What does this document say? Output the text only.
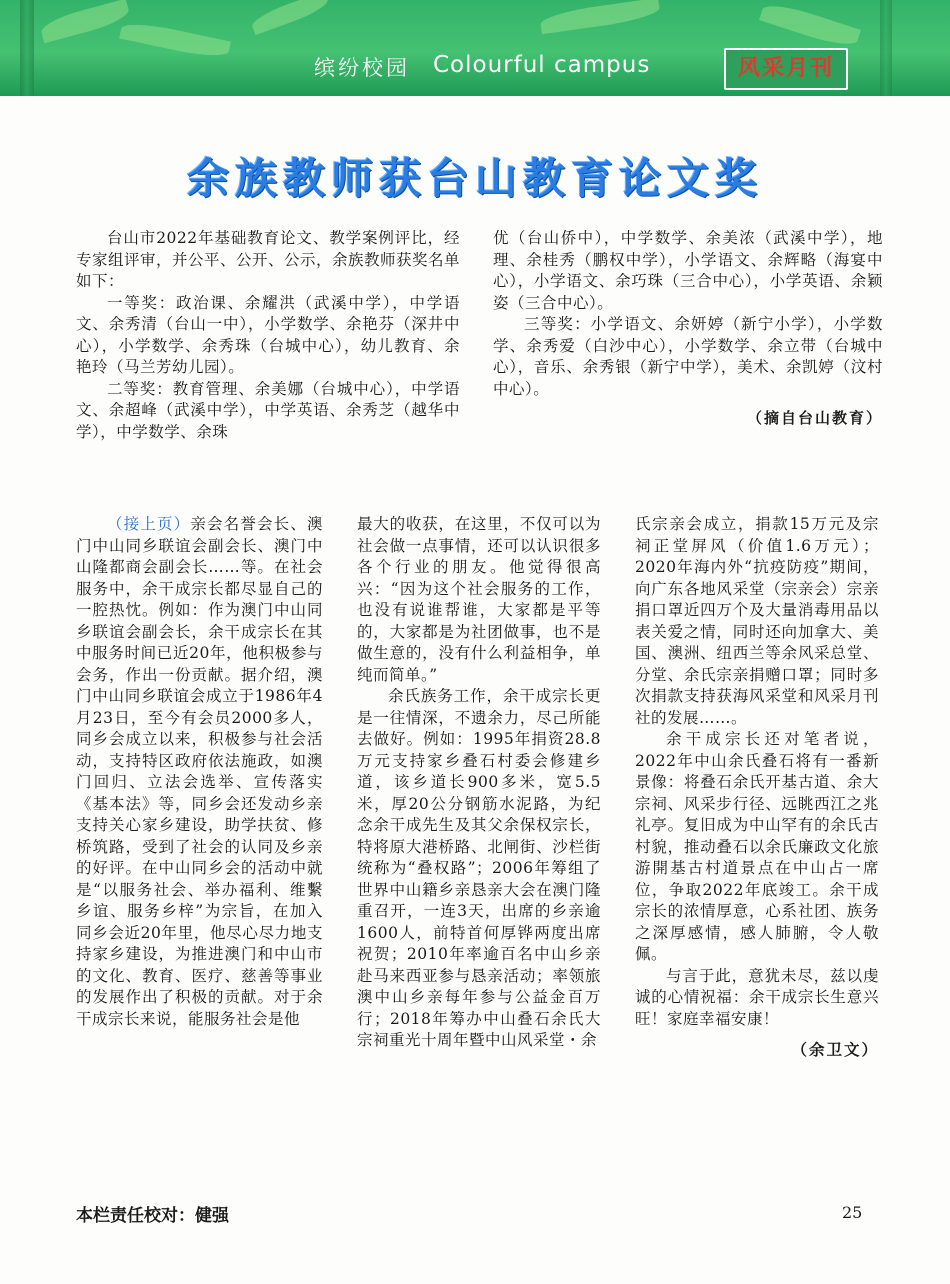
缤纷校园 Colourful campus	风采月刊
余族教师获台山教育论文奖

台山市2022年基础教育论文、教学案例评比，经专家组评审，并公平、公开、公示，余族教师获奖名单如下：

一等奖：政治课、余耀洪（武溪中学），中学语文、余秀清（台山一中），小学数学、余艳芬（深井中心），小学数学、余秀珠（台城中心），幼儿教育、余艳玲（马兰芳幼儿园）。

二等奖：教育管理、余美娜（台城中心），中学语文、余超峰（武溪中学），中学英语、余秀芝（越华中学），中学数学、余珠

优（台山侨中），中学数学、余美浓（武溪中学），地理、余桂秀（鹏权中学），小学语文、余辉略（海宴中心），小学语文、余巧珠（三合中心），小学英语、余颖姿（三合中心）。

三等奖：小学语文、余妍婷（新宁小学），小学数学、余秀爱（白沙中心），小学数学、余立带（台城中心），音乐、余秀银（新宁中学），美术、余凯婷（汶村中心）。

（摘自台山教育）

（接上页）亲会名誉会长、澳门中山同乡联谊会副会长、澳门中山隆都商会副会长……等。在社会服务中，余干成宗长都尽显自己的一腔热忱。例如：作为澳门中山同乡联谊会副会长，余干成宗长在其中服务时间已近20年，他积极参与会务，作出一份贡献。据介绍，澳门中山同乡联谊会成立于1986年4月23日，至今有会员2000多人，同乡会成立以来，积极参与社会活动，支持特区政府依法施政，如澳门回归、立法会选举、宣传落实《基本法》等，同乡会还发动乡亲支持关心家乡建设，助学扶贫、修桥筑路，受到了社会的认同及乡亲的好评。在中山同乡会的活动中就是“以服务社会、举办福利、维繫乡谊、服务乡梓”为宗旨，在加入同乡会近20年里，他尽心尽力地支持家乡建设，为推进澳门和中山市的文化、教育、医疗、慈善等事业的发展作出了积极的贡献。对于余干成宗长来说，能服务社会是他

最大的收获，在这里，不仅可以为社会做一点事情，还可以认识很多各个行业的朋友。他觉得很高兴：“因为这个社会服务的工作，也没有说谁帮谁，大家都是平等的，大家都是为社团做事，也不是做生意的，没有什么利益相争，单纯而简单。”

余氏族务工作，余干成宗长更是一往情深，不遗余力，尽己所能去做好。例如：1995年捐资28.8万元支持家乡叠石村委会修建乡道，该乡道长900多米，宽5.5米，厚20公分钢筋水泥路，为纪念余干成先生及其父余保权宗长，特将原大港桥路、北闸街、沙栏街统称为“叠权路”；2006年筹组了世界中山籍乡亲恳亲大会在澳门隆重召开，一连3天，出席的乡亲逾1600人，前特首何厚铧两度出席祝贺；2010年率逾百名中山乡亲赴马来西亚参与恳亲活动；率领旅澳中山乡亲每年参与公益金百万行；2018年筹办中山叠石余氏大宗祠重光十周年暨中山风采堂・余

氏宗亲会成立，捐款15万元及宗祠正堂屏风（价值1.6万元）；2020年海内外“抗疫防疫”期间，向广东各地风采堂（宗亲会）宗亲捐口罩近四万个及大量消毒用品以表关爱之情，同时还向加拿大、美国、澳洲、纽西兰等余风采总堂、分堂、余氏宗亲捐赠口罩；同时多次捐款支持获海风采堂和风采月刊社的发展……。

余干成宗长还对笔者说，2022年中山余氏叠石将有一番新景像：将叠石余氏开基古道、余大宗祠、风采步行径、远眺西江之兆礼亭。复旧成为中山罕有的余氏古村貌，推动叠石以余氏廉政文化旅游開基古村道景点在中山占一席位，争取2022年底竣工。余干成宗长的浓情厚意，心系社团、族务之深厚感情，感人肺腑，令人敬佩。

与言于此，意犹未尽，兹以虔诚的心情祝福：余干成宗长生意兴旺！家庭幸福安康！

（余卫文）
本栏责任校对：健强	25
